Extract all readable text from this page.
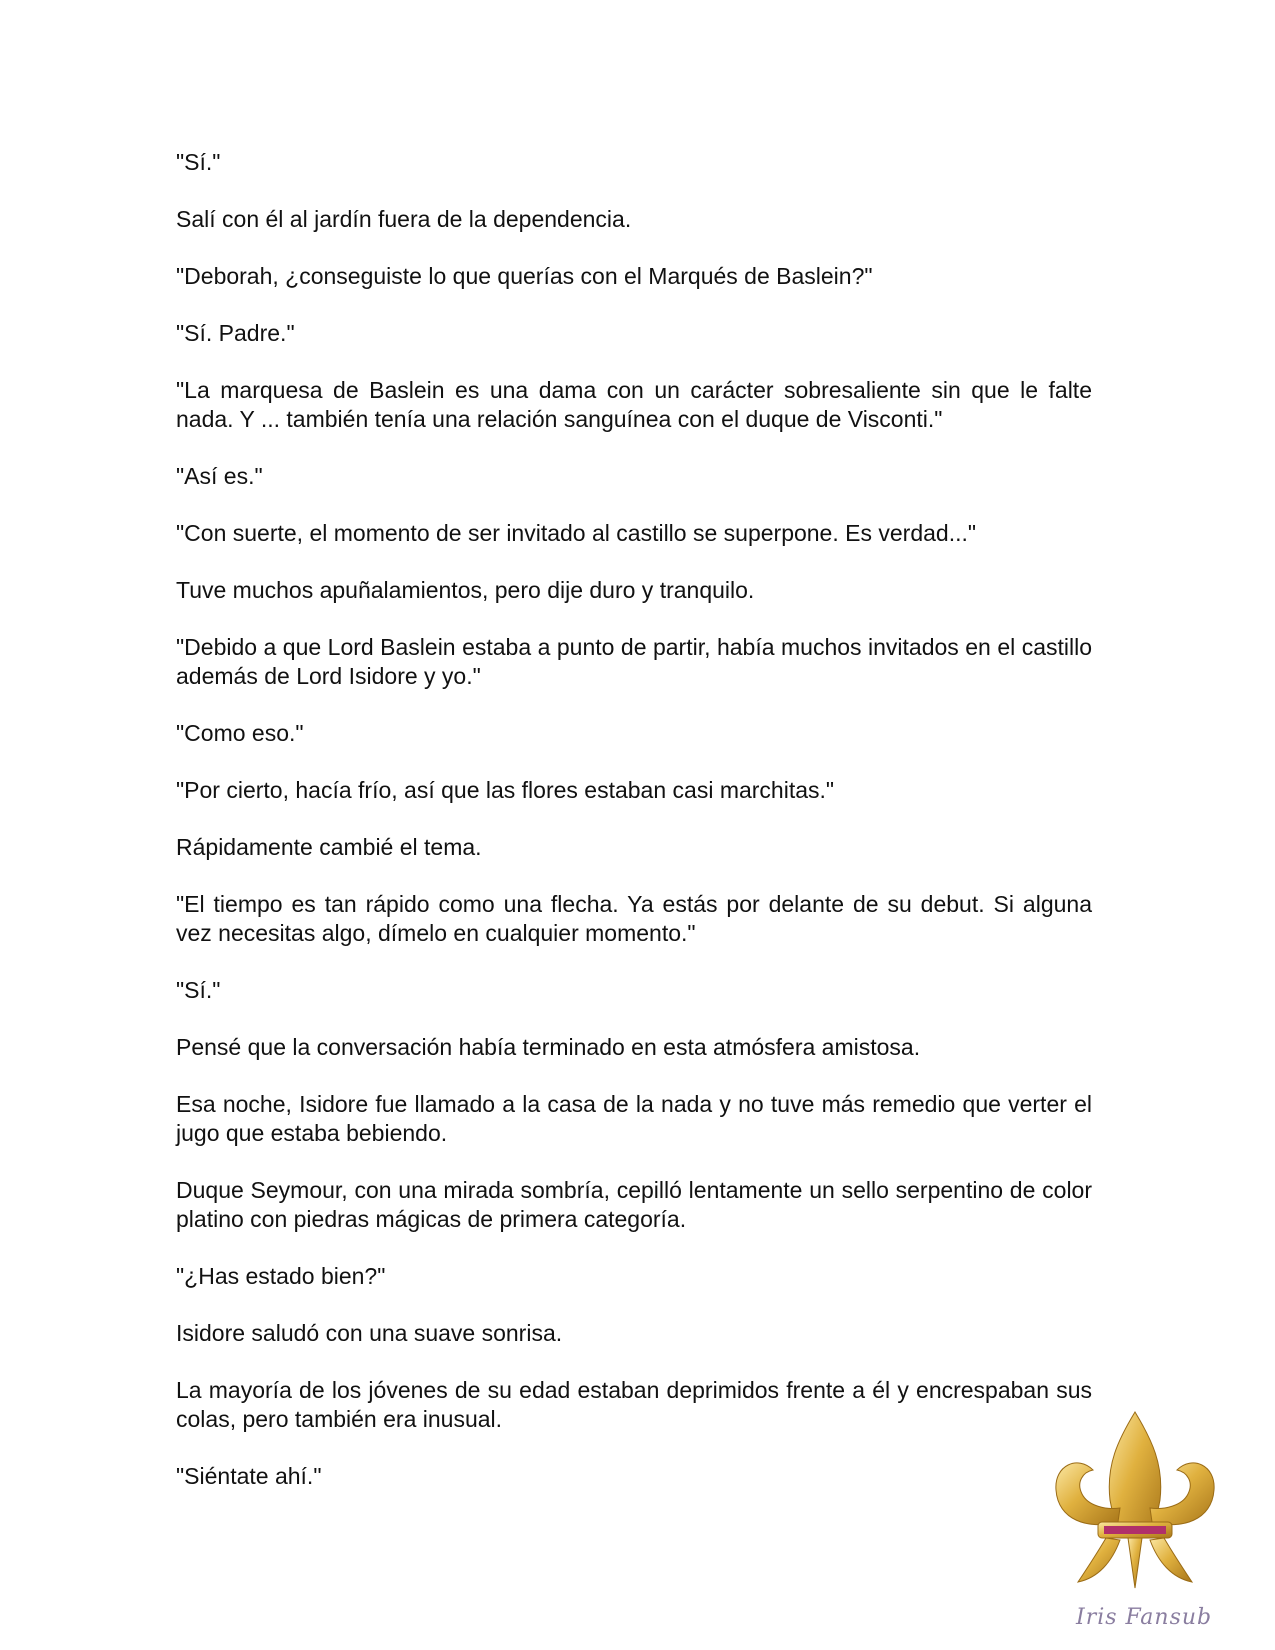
"Sí."

Salí con él al jardín fuera de la dependencia.

"Deborah, ¿conseguiste lo que querías con el Marqués de Baslein?"

"Sí. Padre."

"La marquesa de Baslein es una dama con un carácter sobresaliente sin que le falte nada. Y ... también tenía una relación sanguínea con el duque de Visconti."

"Así es."

"Con suerte, el momento de ser invitado al castillo se superpone. Es verdad..."

Tuve muchos apuñalamientos, pero dije duro y tranquilo.

"Debido a que Lord Baslein estaba a punto de partir, había muchos invitados en el castillo además de Lord Isidore y yo."

"Como eso."

"Por cierto, hacía frío, así que las flores estaban casi marchitas."

Rápidamente cambié el tema.

"El tiempo es tan rápido como una flecha. Ya estás por delante de su debut. Si alguna vez necesitas algo, dímelo en cualquier momento."

"Sí."

Pensé que la conversación había terminado en esta atmósfera amistosa.

Esa noche, Isidore fue llamado a la casa de la nada y no tuve más remedio que verter el jugo que estaba bebiendo.

Duque Seymour, con una mirada sombría, cepilló lentamente un sello serpentino de color platino con piedras mágicas de primera categoría.

"¿Has estado bien?"

Isidore saludó con una suave sonrisa.

La mayoría de los jóvenes de su edad estaban deprimidos frente a él y encrespaban sus colas, pero también era inusual.

"Siéntate ahí."

Iris Fansub
